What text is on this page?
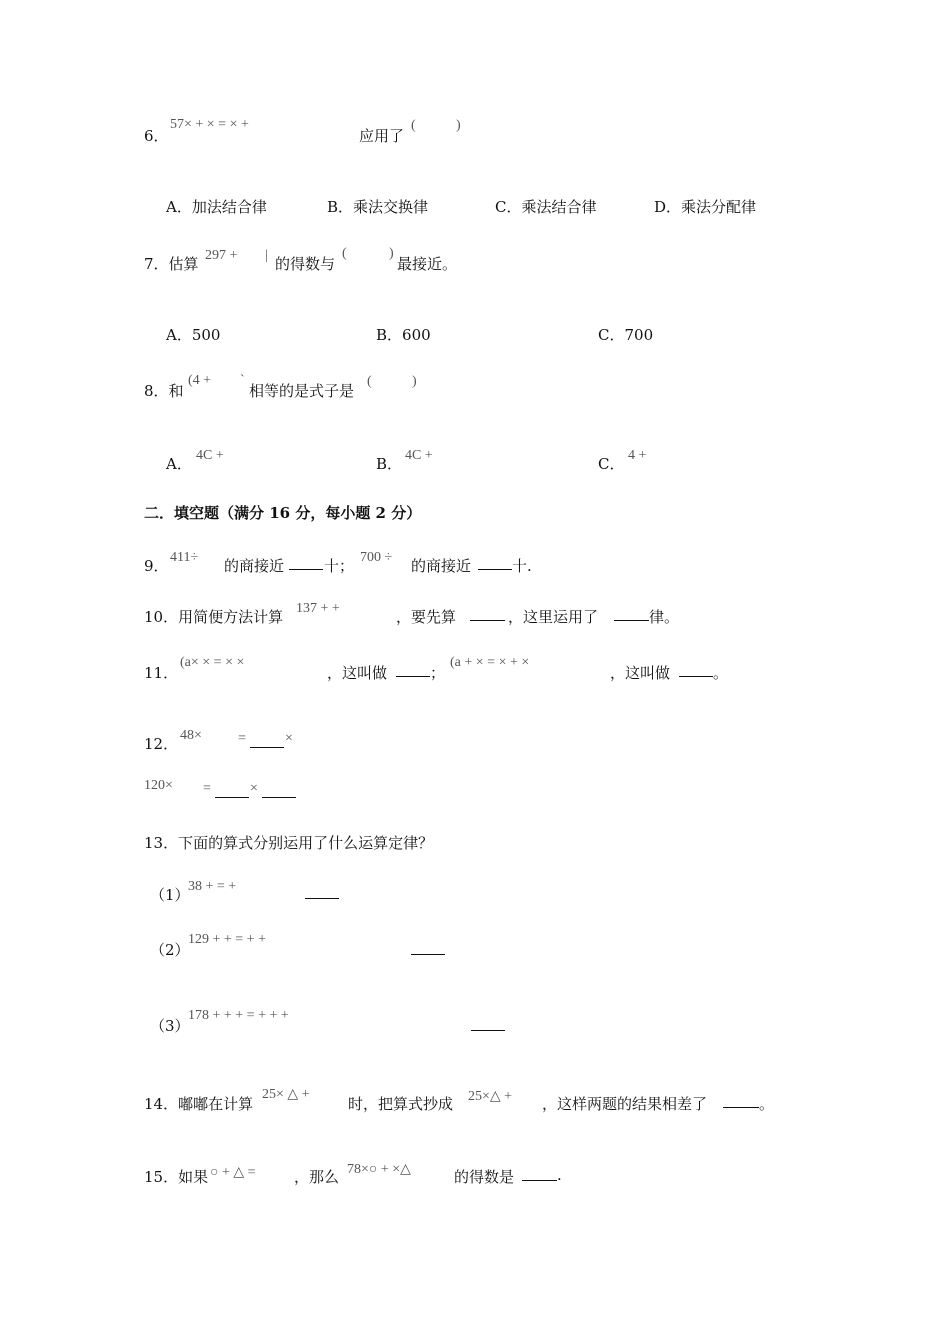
6．
57× + × = × +
应用了
(	)
A．加法结合律	B．乘法交换律	C．乘法结合律	D．乘法分配律
7．估算 297 + | 的得数与
(	)
最接近。
A．500	B．600	C．700
8．和
(4 + `
相等的是式子是
(	)
A． 4C +	B． 4C +	C． 4 +
二．填空题（满分 16 分，每小题 2 分）
9． 411÷ 的商接近	十； 700 ÷ 的商接近	十.
10．用简便方法计算 137 + +	，要先算	，这里运用了	律。
11．
(a× × = × ×
，这叫做	；
(a + × = × + ×
，这叫做	。
12． 48×	=	×
120× =	×
13．下面的算式分别运用了什么运算定律？
（1）
38 + = +
（2）
129 + + = + +
（3）
178 + + + = + + +
14．嘟嘟在计算
25× △ +
时，把算式抄成 25×△ + ，这样两题的结果相差了	。
15．如果 ○ + △ =	，那么 78×○ + ×△	的得数是	.
